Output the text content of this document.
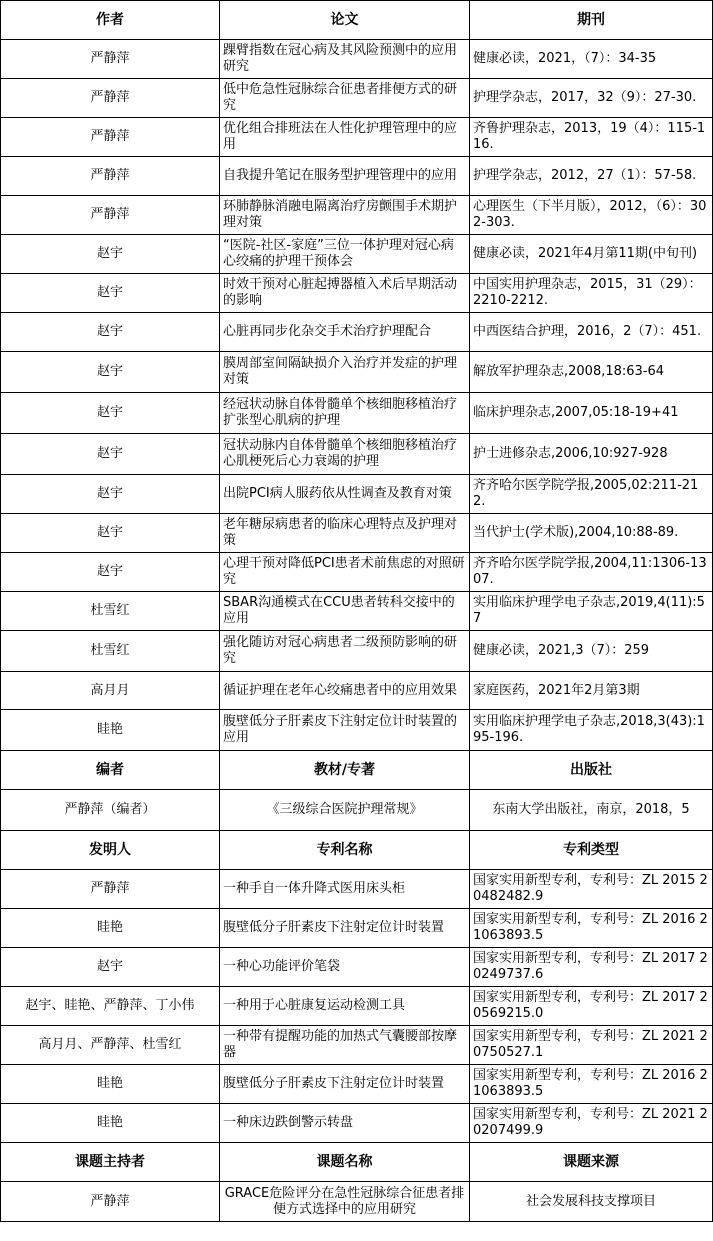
作者	论文	期刊
严静萍	踝臂指数在冠心病及其风险预测中的应用研究	健康必读，2021，（7）：34-35
严静萍	低中危急性冠脉综合征患者排便方式的研究	护理学杂志，2017，32（9）：27-30.
严静萍	优化组合排班法在人性化护理管理中的应用	齐鲁护理杂志，2013，19（4）：115-116.
严静萍	自我提升笔记在服务型护理管理中的应用	护理学杂志，2012，27（1）：57-58.
严静萍	环肺静脉消融电隔离治疗房颤围手术期护理对策	心理医生（下半月版），2012，（6）：302-303.
赵宇	“医院-社区-家庭”三位一体护理对冠心病心绞痛的护理干预体会	健康必读，2021年4月第11期(中旬刊)
赵宇	时效干预对心脏起搏器植入术后早期活动的影响	中国实用护理杂志，2015，31（29）：2210-2212.
赵宇	心脏再同步化杂交手术治疗护理配合	中西医结合护理，2016，2（7）：451.
赵宇	膜周部室间隔缺损介入治疗并发症的护理对策	解放军护理杂志,2008,18:63-64
赵宇	经冠状动脉自体骨髓单个核细胞移植治疗扩张型心肌病的护理	临床护理杂志,2007,05:18-19+41
赵宇	冠状动脉内自体骨髓单个核细胞移植治疗心肌梗死后心力衰竭的护理	护士进修杂志,2006,10:927-928
赵宇	出院PCI病人服药依从性调查及教育对策	齐齐哈尔医学院学报,2005,02:211-212.
赵宇	老年糖尿病患者的临床心理特点及护理对策	当代护士(学术版),2004,10:88-89.
赵宇	心理干预对降低PCI患者术前焦虑的对照研究	齐齐哈尔医学院学报,2004,11:1306-1307.
杜雪红	SBAR沟通模式在CCU患者转科交接中的应用	实用临床护理学电子杂志,2019,4(11):57
杜雪红	强化随访对冠心病患者二级预防影响的研究	健康必读，2021,3（7）：259
高月月	循证护理在老年心绞痛患者中的应用效果	家庭医药，2021年2月第3期
眭艳	腹壁低分子肝素皮下注射定位计时装置的应用	实用临床护理学电子杂志,2018,3(43):195-196.
编者	教材/专著	出版社
严静萍（编者）	《三级综合医院护理常规》	东南大学出版社，南京，2018，5
发明人	专利名称	专利类型
严静萍	一种手自一体升降式医用床头柜	国家实用新型专利，专利号：ZL 2015 2 0482482.9
眭艳	腹壁低分子肝素皮下注射定位计时装置	国家实用新型专利，专利号：ZL 2016 2 1063893.5
赵宇	一种心功能评价笔袋	国家实用新型专利，专利号：ZL 2017 2 0249737.6
赵宇、眭艳、严静萍、丁小伟	一种用于心脏康复运动检测工具	国家实用新型专利，专利号：ZL 2017 2 0569215.0
高月月、严静萍、杜雪红	一种带有提醒功能的加热式气囊腰部按摩器	国家实用新型专利，专利号：ZL 2021 2 0750527.1
眭艳	腹壁低分子肝素皮下注射定位计时装置	国家实用新型专利，专利号：ZL 2016 2 1063893.5
眭艳	一种床边跌倒警示转盘	国家实用新型专利，专利号：ZL 2021 2 0207499.9
课题主持者	课题名称	课题来源
严静萍	GRACE危险评分在急性冠脉综合征患者排便方式选择中的应用研究	社会发展科技支撑项目
